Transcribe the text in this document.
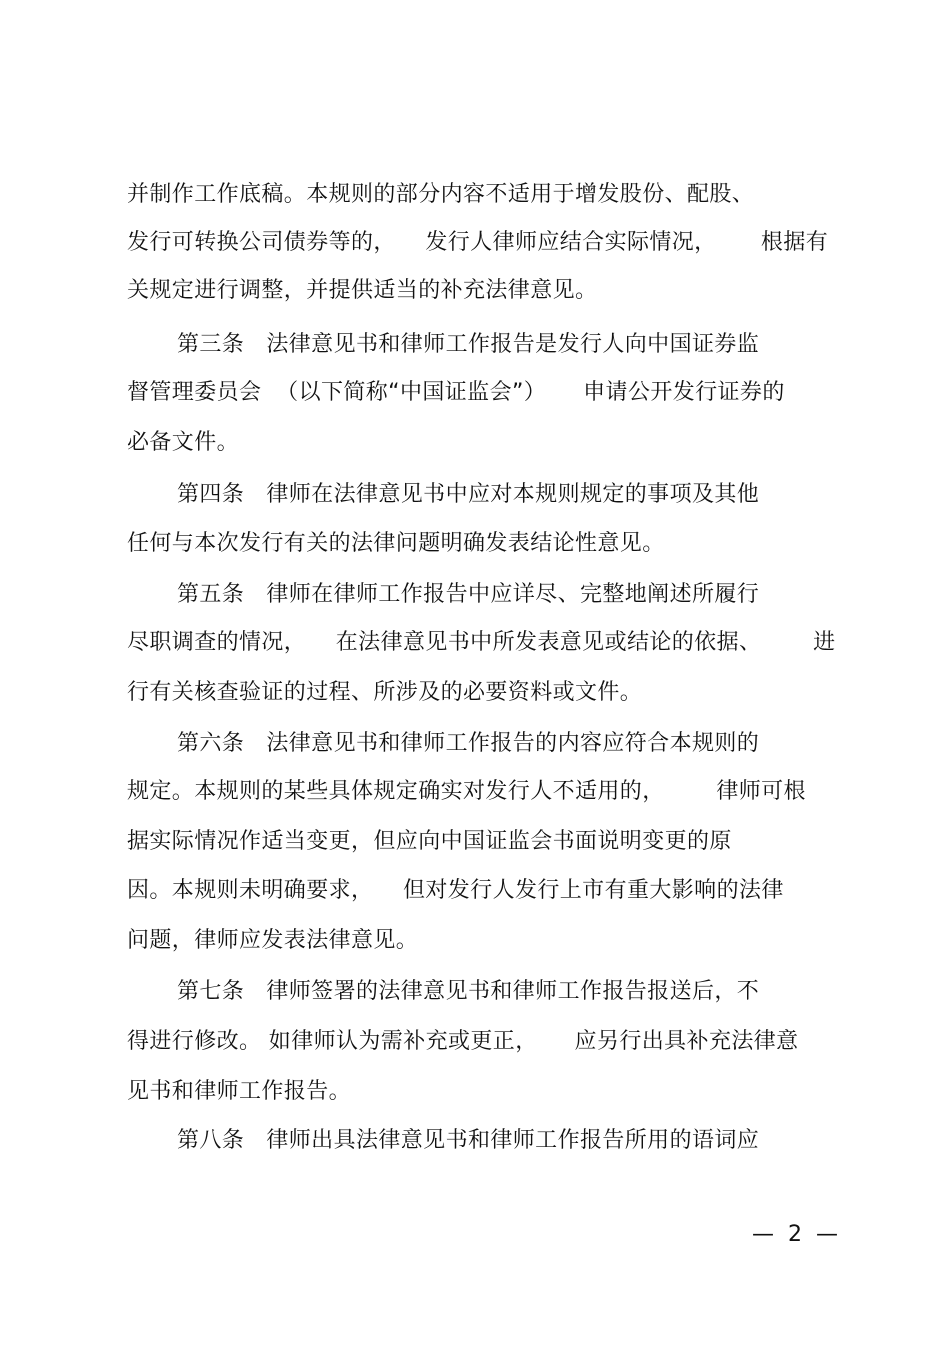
并制作工作底稿。本规则的部分内容不适用于增发股份、配股、
发行可转换公司债券等的，    发行人律师应结合实际情况，      根据有
关规定进行调整，并提供适当的补充法律意见。
第三条   法律意见书和律师工作报告是发行人向中国证券监
督管理委员会  （以下简称“中国证监会”）     申请公开发行证券的
必备文件。
第四条   律师在法律意见书中应对本规则规定的事项及其他
任何与本次发行有关的法律问题明确发表结论性意见。
第五条   律师在律师工作报告中应详尽、完整地阐述所履行
尽职调查的情况，    在法律意见书中所发表意见或结论的依据、       进
行有关核查验证的过程、所涉及的必要资料或文件。
第六条   法律意见书和律师工作报告的内容应符合本规则的
规定。本规则的某些具体规定确实对发行人不适用的，       律师可根
据实际情况作适当变更，但应向中国证监会书面说明变更的原
因。本规则未明确要求，    但对发行人发行上市有重大影响的法律
问题，律师应发表法律意见。
第七条   律师签署的法律意见书和律师工作报告报送后，不
得进行修改。 如律师认为需补充或更正，     应另行出具补充法律意
见书和律师工作报告。
第八条   律师出具法律意见书和律师工作报告所用的语词应
—  2  —
